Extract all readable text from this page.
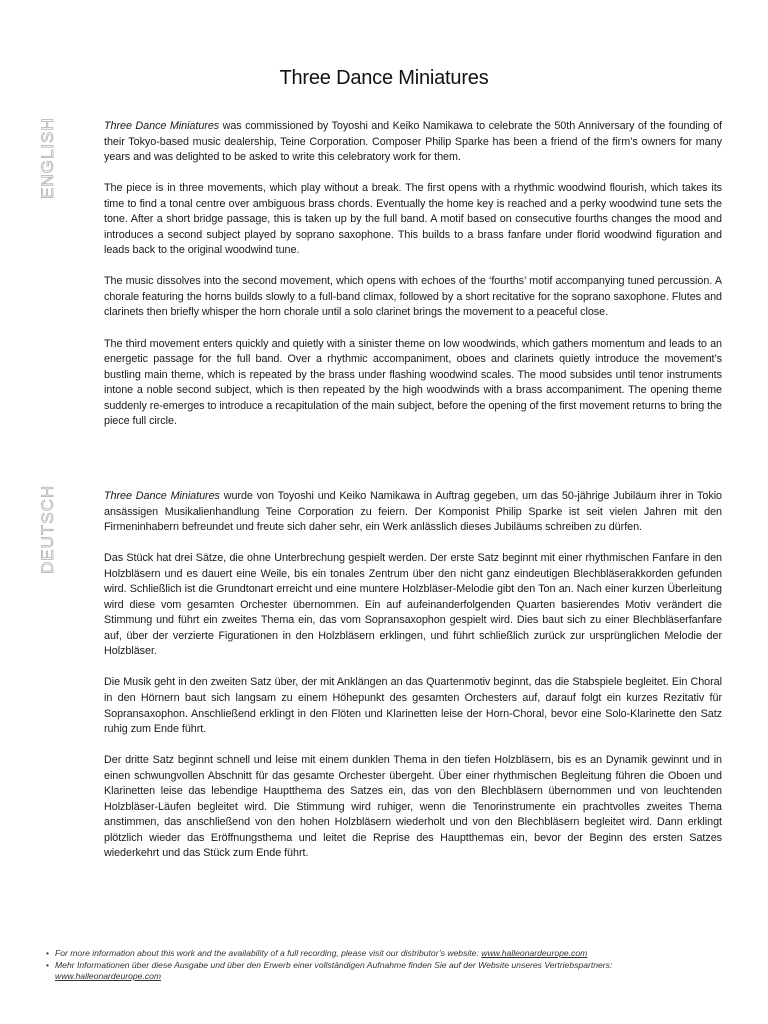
Three Dance Miniatures
ENGLISH	Three Dance Miniatures was commissioned by Toyoshi and Keiko Namikawa to celebrate the 50th Anniversary of the founding of their Tokyo-based music dealership, Teine Corporation. Composer Philip Sparke has been a friend of the firm’s owners for many years and was delighted to be asked to write this celebratory work for them.

The piece is in three movements, which play without a break. The first opens with a rhythmic woodwind flourish, which takes its time to find a tonal centre over ambiguous brass chords. Eventually the home key is reached and a perky woodwind tune sets the tone. After a short bridge passage, this is taken up by the full band. A motif based on consecutive fourths changes the mood and introduces a second subject played by soprano saxophone. This builds to a brass fanfare under florid woodwind figuration and leads back to the original woodwind tune.

The music dissolves into the second movement, which opens with echoes of the ‘fourths’ motif accompanying tuned percussion. A chorale featuring the horns builds slowly to a full-band climax, followed by a short recitative for the soprano saxophone. Flutes and clarinets then briefly whisper the horn chorale until a solo clarinet brings the movement to a peaceful close.

The third movement enters quickly and quietly with a sinister theme on low woodwinds, which gathers momentum and leads to an energetic passage for the full band. Over a rhythmic accompaniment, oboes and clarinets quietly introduce the movement’s bustling main theme, which is repeated by the brass under flashing woodwind scales. The mood subsides until tenor instruments intone a noble second subject, which is then repeated by the high woodwinds with a brass accompaniment. The opening theme suddenly re-emerges to introduce a recapitulation of the main subject, before the opening of the first movement returns to bring the piece full circle.

DEUTSCH	Three Dance Miniatures wurde von Toyoshi und Keiko Namikawa in Auftrag gegeben, um das 50-jährige Jubiläum ihrer in Tokio ansässigen Musikalienhandlung Teine Corporation zu feiern. Der Komponist Philip Sparke ist seit vielen Jahren mit den Firmeninhabern befreundet und freute sich daher sehr, ein Werk anlässlich dieses Jubiläums schreiben zu dürfen.

Das Stück hat drei Sätze, die ohne Unterbrechung gespielt werden. Der erste Satz beginnt mit einer rhythmischen Fanfare in den Holzbläsern und es dauert eine Weile, bis ein tonales Zentrum über den nicht ganz eindeutigen Blechbläserakkorden gefunden wird. Schließlich ist die Grundtonart erreicht und eine muntere Holzbläser-Melodie gibt den Ton an. Nach einer kurzen Überleitung wird diese vom gesamten Orchester übernommen. Ein auf aufeinanderfolgenden Quarten basierendes Motiv verändert die Stimmung und führt ein zweites Thema ein, das vom Sopransaxophon gespielt wird. Dies baut sich zu einer Blechbläserfanfare auf, über der verzierte Figurationen in den Holzbläsern erklingen, und führt schließlich zurück zur ursprünglichen Melodie der Holzbläser.

Die Musik geht in den zweiten Satz über, der mit Anklängen an das Quartenmotiv beginnt, das die Stabspiele begleitet. Ein Choral in den Hörnern baut sich langsam zu einem Höhepunkt des gesamten Orchesters auf, darauf folgt ein kurzes Rezitativ für Sopransaxophon. Anschließend erklingt in den Flöten und Klarinetten leise der Horn-Choral, bevor eine Solo-Klarinette den Satz ruhig zum Ende führt.

Der dritte Satz beginnt schnell und leise mit einem dunklen Thema in den tiefen Holzbläsern, bis es an Dynamik gewinnt und in einen schwungvollen Abschnitt für das gesamte Orchester übergeht. Über einer rhythmischen Begleitung führen die Oboen und Klarinetten leise das lebendige Hauptthema des Satzes ein, das von den Blechbläsern übernommen und von leuchtenden Holzbläser-Läufen begleitet wird. Die Stimmung wird ruhiger, wenn die Tenorinstrumente ein prachtvolles zweites Thema anstimmen, das anschließend von den hohen Holzbläsern wiederholt und von den Blechbläsern begleitet wird. Dann erklingt plötzlich wieder das Eröffnungsthema und leitet die Reprise des Hauptthemas ein, bevor der Beginn des ersten Satzes wiederkehrt und das Stück zum Ende führt.

• For more information about this work and the availability of a full recording, please visit our distributor’s website: www.halleonardeurope.com
• Mehr Informationen über diese Ausgabe und über den Erwerb einer vollständigen Aufnahme finden Sie auf der Website unseres Vertriebspartners:
www.halleonardeurope.com
